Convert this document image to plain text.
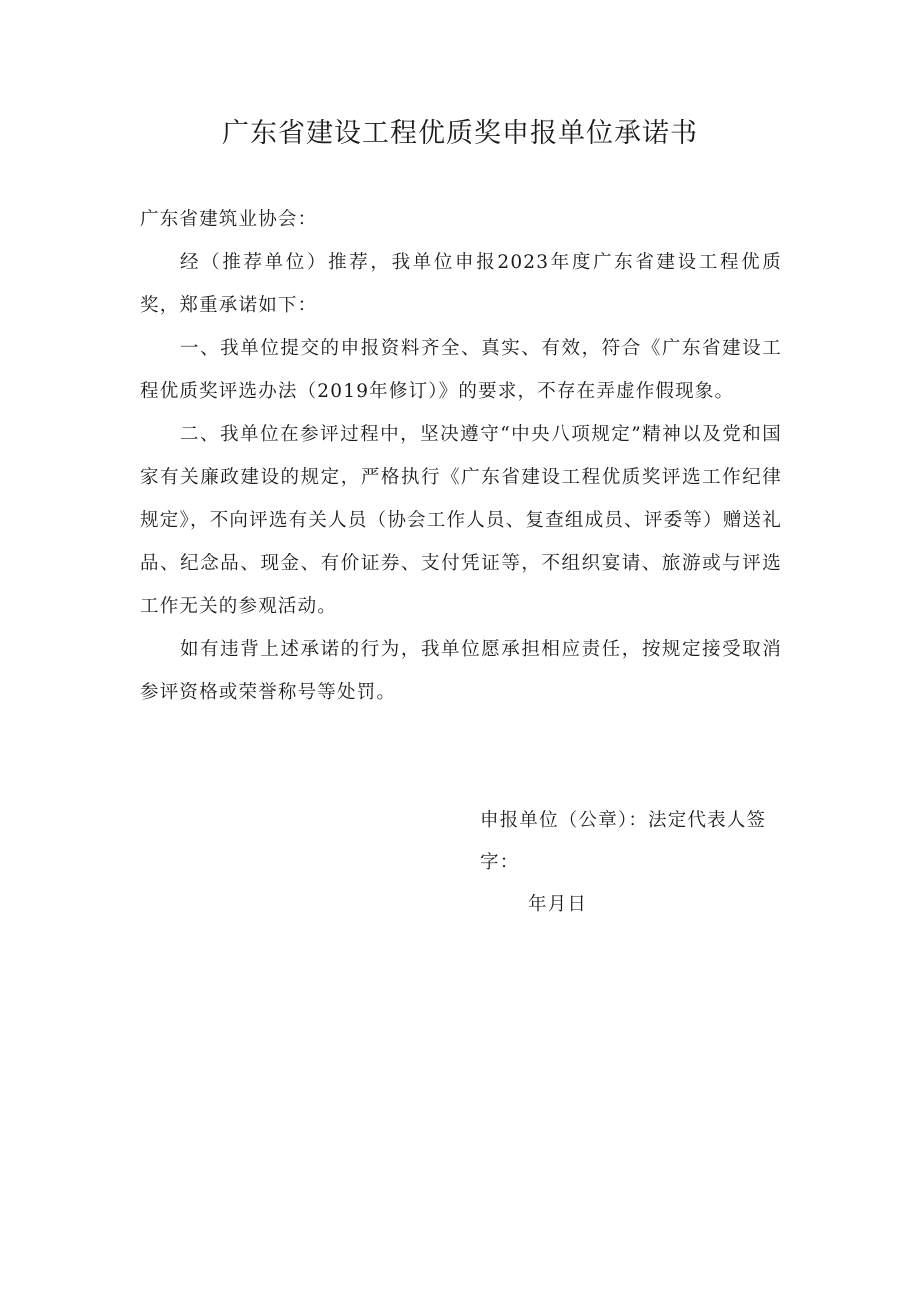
广东省建设工程优质奖申报单位承诺书

广东省建筑业协会：

经（推荐单位）推荐，我单位申报2023年度广东省建设工程优质奖，郑重承诺如下：

一、我单位提交的申报资料齐全、真实、有效，符合《广东省建设工程优质奖评选办法（2019年修订）》的要求，不存在弄虚作假现象。

二、我单位在参评过程中，坚决遵守“中央八项规定”精神以及党和国家有关廉政建设的规定，严格执行《广东省建设工程优质奖评选工作纪律规定》，不向评选有关人员（协会工作人员、复查组成员、评委等）赠送礼品、纪念品、现金、有价证券、支付凭证等，不组织宴请、旅游或与评选工作无关的参观活动。

如有违背上述承诺的行为，我单位愿承担相应责任，按规定接受取消参评资格或荣誉称号等处罚。

申报单位（公章）：法定代表人签字：

年月日
